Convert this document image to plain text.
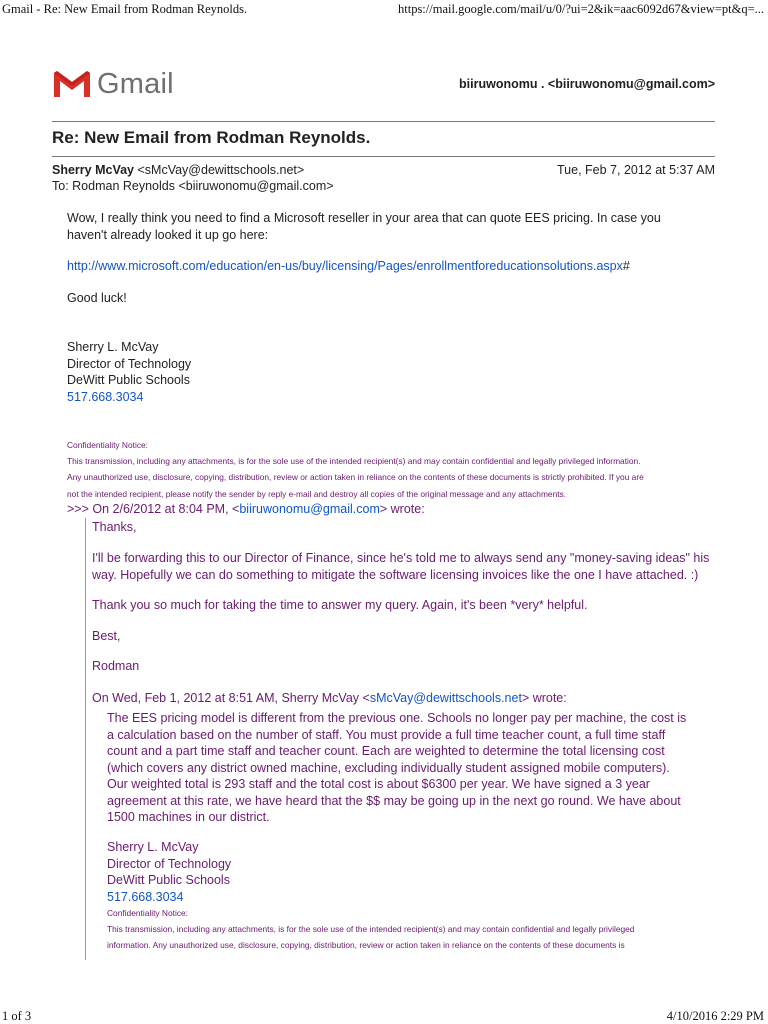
Gmail - Re: New Email from Rodman Reynolds.	https://mail.google.com/mail/u/0/?ui=2&ik=aac6092d67&view=pt&q=...
Gmail	biiruwonomu . <biiruwonomu@gmail.com>
Re: New Email from Rodman Reynolds.
Sherry McVay <sMcVay@dewittschools.net>	Tue, Feb 7, 2012 at 5:37 AM
To: Rodman Reynolds <biiruwonomu@gmail.com>

Wow, I really think you need to find a Microsoft reseller in your area that can quote EES pricing. In case you

haven't already looked it up go here:

http://www.microsoft.com/education/en-us/buy/licensing/Pages/enrollmentforeducationsolutions.aspx#
Good luck!
Sherry L. McVay
Director of Technology
DeWitt Public Schools
517.668.3034
Confidentiality Notice:
This transmission, including any attachments, is for the sole use of the intended recipient(s) and may contain confidential and legally privileged information.
Any unauthorized use, disclosure, copying, distribution, review or action taken in reliance on the contents of these documents is strictly prohibited. If you are
not the intended recipient, please notify the sender by reply e-mail and destroy all copies of the original message and any attachments.
>>> On 2/6/2012 at 8:04 PM, <biiruwonomu@gmail.com> wrote:
Thanks,
I'll be forwarding this to our Director of Finance, since he's told me to always send any "money-saving ideas" his
way. Hopefully we can do something to mitigate the software licensing invoices like the one I have attached. :)
Thank you so much for taking the time to answer my query. Again, it's been *very* helpful.
Best,
Rodman
On Wed, Feb 1, 2012 at 8:51 AM, Sherry McVay <sMcVay@dewittschools.net> wrote:
The EES pricing model is different from the previous one. Schools no longer pay per machine, the cost is
a calculation based on the number of staff. You must provide a full time teacher count, a full time staff
count and a part time staff and teacher count. Each are weighted to determine the total licensing cost
(which covers any district owned machine, excluding individually student assigned mobile computers).
Our weighted total is 293 staff and the total cost is about $6300 per year. We have signed a 3 year
agreement at this rate, we have heard that the $$ may be going up in the next go round. We have about
1500 machines in our district.
Sherry L. McVay
Director of Technology
DeWitt Public Schools
517.668.3034
Confidentiality Notice:
This transmission, including any attachments, is for the sole use of the intended recipient(s) and may contain confidential and legally privileged
information. Any unauthorized use, disclosure, copying, distribution, review or action taken in reliance on the contents of these documents is
1 of 3	4/10/2016 2:29 PM
